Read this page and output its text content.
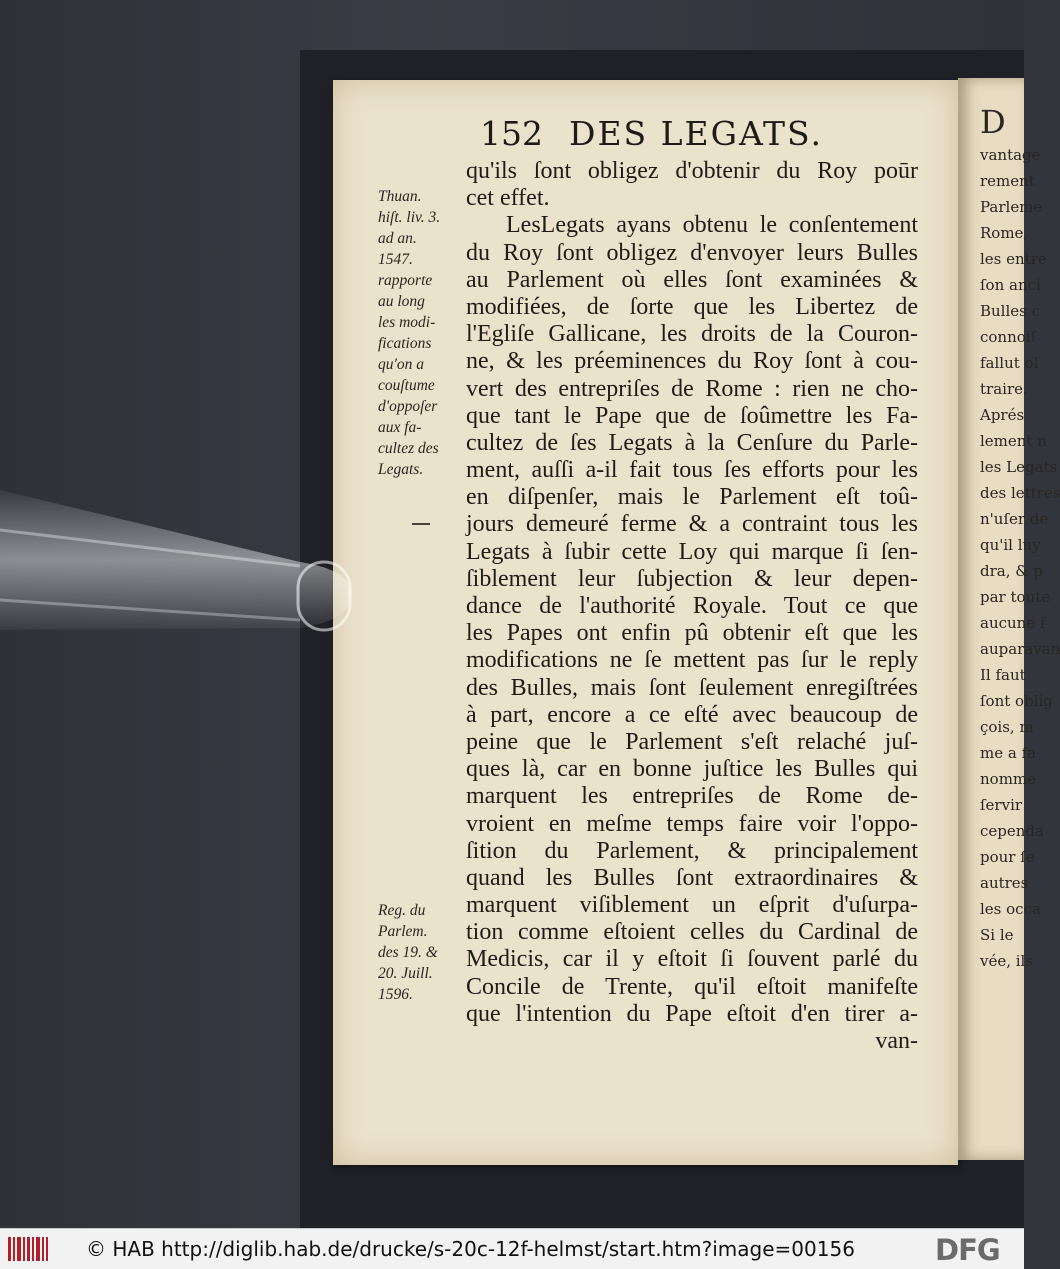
D
vantage
rement
Parleme
Rome,
les entre
ſon anci
Bulles c
connoiſ
fallut ol
traire.
Aprés
lement n
les Legats
des lettres
n'uſer de
qu'il luy
dra, & p
par toute
aucune f
auparavan
Il faut
ſont oblig
çois, m
me a fa
nomme
ſervir
cependa
pour ſe
autres
les occa
Si le
vée, ils
152 DES LEGATS.
qu'ils ſont obligez d'obtenir du Roy poūr
cet effet.
LesLegats ayans obtenu le conſentement
du Roy ſont obligez d'envoyer leurs Bulles
au Parlement où elles ſont examinées &
modifiées, de ſorte que les Libertez de
l'Egliſe Gallicane, les droits de la Couron-
ne, & les préeminences du Roy ſont à cou-
vert des entrepriſes de Rome : rien ne cho-
que tant le Pape que de ſoûmettre les Fa-
cultez de ſes Legats à la Cenſure du Parle-
ment, auſſi a-il fait tous ſes efforts pour les
en diſpenſer, mais le Parlement eſt toû-
jours demeuré ferme & a contraint tous les
Legats à ſubir cette Loy qui marque ſi ſen-
ſiblement leur ſubjection & leur depen-
dance de l'authorité Royale. Tout ce que
les Papes ont enfin pû obtenir eſt que les
modifications ne ſe mettent pas ſur le reply
des Bulles, mais ſont ſeulement enregiſtrées
à part, encore a ce eſté avec beaucoup de
peine que le Parlement s'eſt relaché juſ-
ques là, car en bonne juſtice les Bulles qui
marquent les entrepriſes de Rome de-
vroient en meſme temps faire voir l'oppo-
ſition du Parlement, & principalement
quand les Bulles ſont extraordinaires &
marquent viſiblement un eſprit d'uſurpa-
tion comme eſtoient celles du Cardinal de
Medicis, car il y eſtoit ſi ſouvent parlé du
Concile de Trente, qu'il eſtoit manifeſte
que l'intention du Pape eſtoit d'en tirer a-
van-
Thuan.
hiſt. liv. 3.
ad an.
1547.
rapporte
au long
les modi-
fications
qu'on a
couſtume
d'oppoſer
aux fa-
cultez des
Legats.
Reg. du
Parlem.
des 19. &
20. Juill.
1596.
© HAB http://diglib.hab.de/drucke/s-20c-12f-helmst/start.htm?image=00156	DFG
